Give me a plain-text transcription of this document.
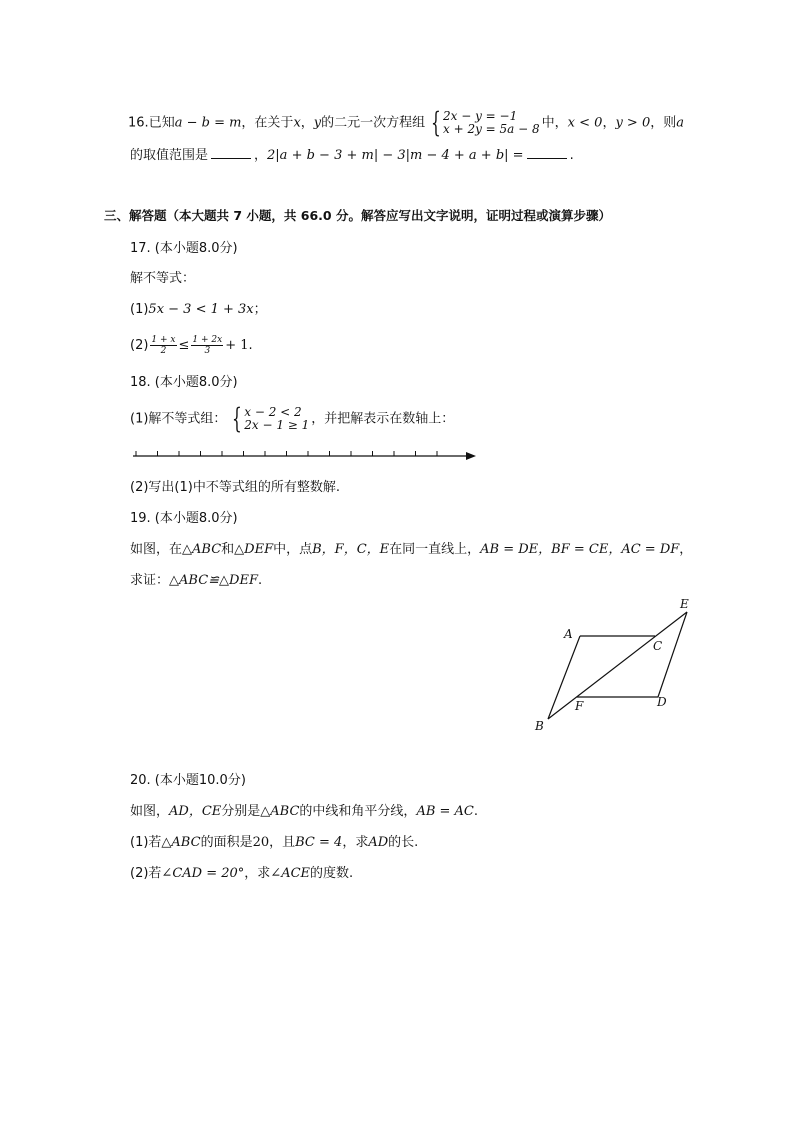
16.已知a − b = m，在关于x，y的二元一次方程组 { 2x − y = −1
x + 2y = 5a − 8 中，x < 0，y > 0，则a
的取值范围是	，2|a + b − 3 + m| − 3|m − 4 + a + b| =	.
三、解答题（本大题共 7 小题，共 66.0 分。解答应写出文字说明，证明过程或演算步骤）
17. (本小题8.0分)
解不等式：
(1)5x − 3 < 1 + 3x；
$(2) \frac{1 + x}{2} \le \frac{1 + 2x}{3} + 1$.
18. (本小题8.0分)
(1)解不等式组： { x − 2 < 2
2x − 1 ≥ 1 ，并把解表示在数轴上：
(2)写出(1)中不等式组的所有整数解.
19. (本小题8.0分)
如图，在△ABC和△DEF中，点B，F，C，E在同一直线上，AB = DE，BF = CE，AC = DF，
求证：△ABC≌△DEF.
A
B
C
D
E
F
20. (本小题10.0分)
如图，AD，CE分别是△ABC的中线和角平分线，AB = AC.
(1)若△ABC的面积是20，且BC = 4，求AD的长.
(2)若∠CAD = 20°，求∠ACE的度数.
